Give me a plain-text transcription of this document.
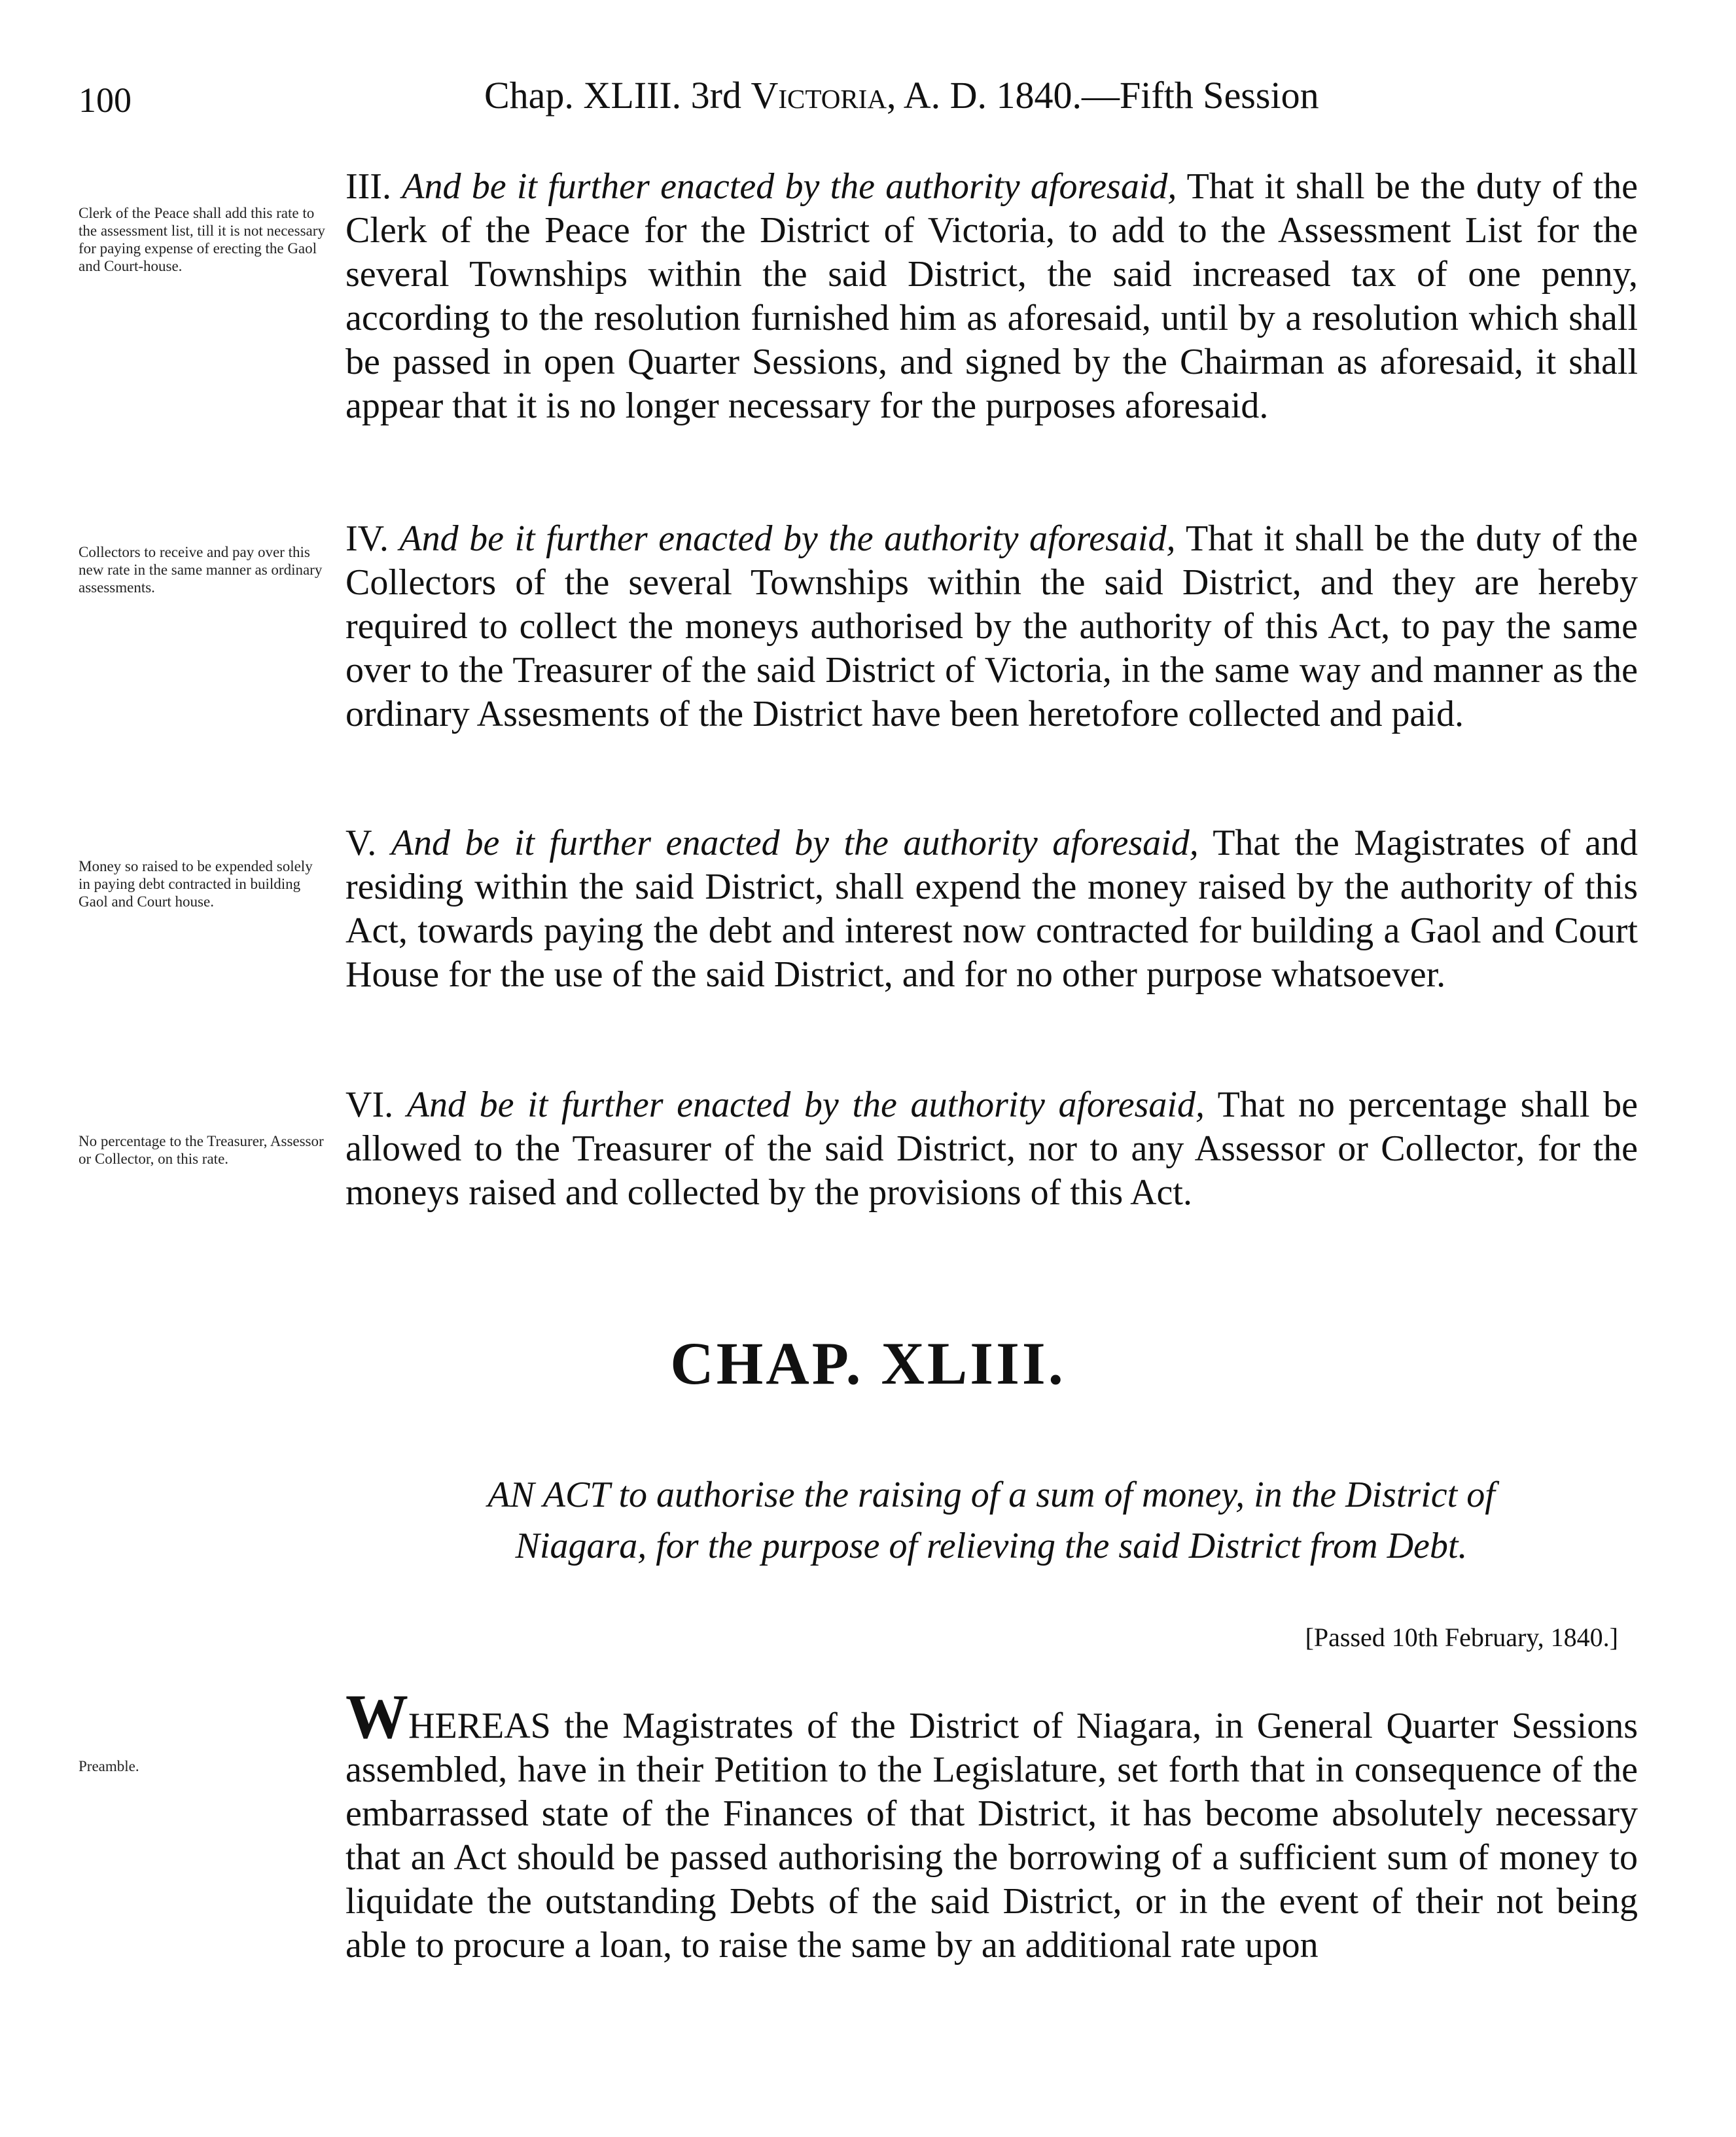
100	Chap. XLIII. 3rd Victoria, A. D. 1840.—Fifth Session
Clerk of the Peace shall add this rate to the assessment list, till it is not necessary for paying expense of erecting the Gaol and Court-house.
III. And be it further enacted by the authority aforesaid, That it shall be the duty of the Clerk of the Peace for the District of Victoria, to add to the Assessment List for the several Townships within the said District, the said increased tax of one penny, according to the resolution furnished him as aforesaid, until by a resolution which shall be passed in open Quarter Sessions, and signed by the Chairman as aforesaid, it shall appear that it is no longer necessary for the purposes aforesaid.
Collectors to receive and pay over this new rate in the same manner as ordinary assessments.
IV. And be it further enacted by the authority aforesaid, That it shall be the duty of the Collectors of the several Townships within the said District, and they are hereby required to collect the moneys authorised by the authority of this Act, to pay the same over to the Treasurer of the said District of Victoria, in the same way and manner as the ordinary Assesments of the District have been heretofore collected and paid.
Money so raised to be expended solely in paying debt contracted in building Gaol and Court house.
V. And be it further enacted by the authority aforesaid, That the Magistrates of and residing within the said District, shall expend the money raised by the authority of this Act, towards paying the debt and interest now contracted for building a Gaol and Court House for the use of the said District, and for no other purpose whatsoever.
No percentage to the Treasurer, Assessor or Collector, on this rate.
VI. And be it further enacted by the authority aforesaid, That no percentage shall be allowed to the Treasurer of the said District, nor to any Assessor or Collector, for the moneys raised and collected by the provisions of this Act.
CHAP. XLIII.
AN ACT to authorise the raising of a sum of money, in the District of
Niagara, for the purpose of relieving the said District from Debt.
[Passed 10th February, 1840.]
Preamble.
WHEREAS the Magistrates of the District of Niagara, in General Quarter Sessions assembled, have in their Petition to the Legislature, set forth that in consequence of the embarrassed state of the Finances of that District, it has become absolutely necessary that an Act should be passed authorising the borrowing of a sufficient sum of money to liquidate the outstanding Debts of the said District, or in the event of their not being able to procure a loan, to raise the same by an additional rate upon
